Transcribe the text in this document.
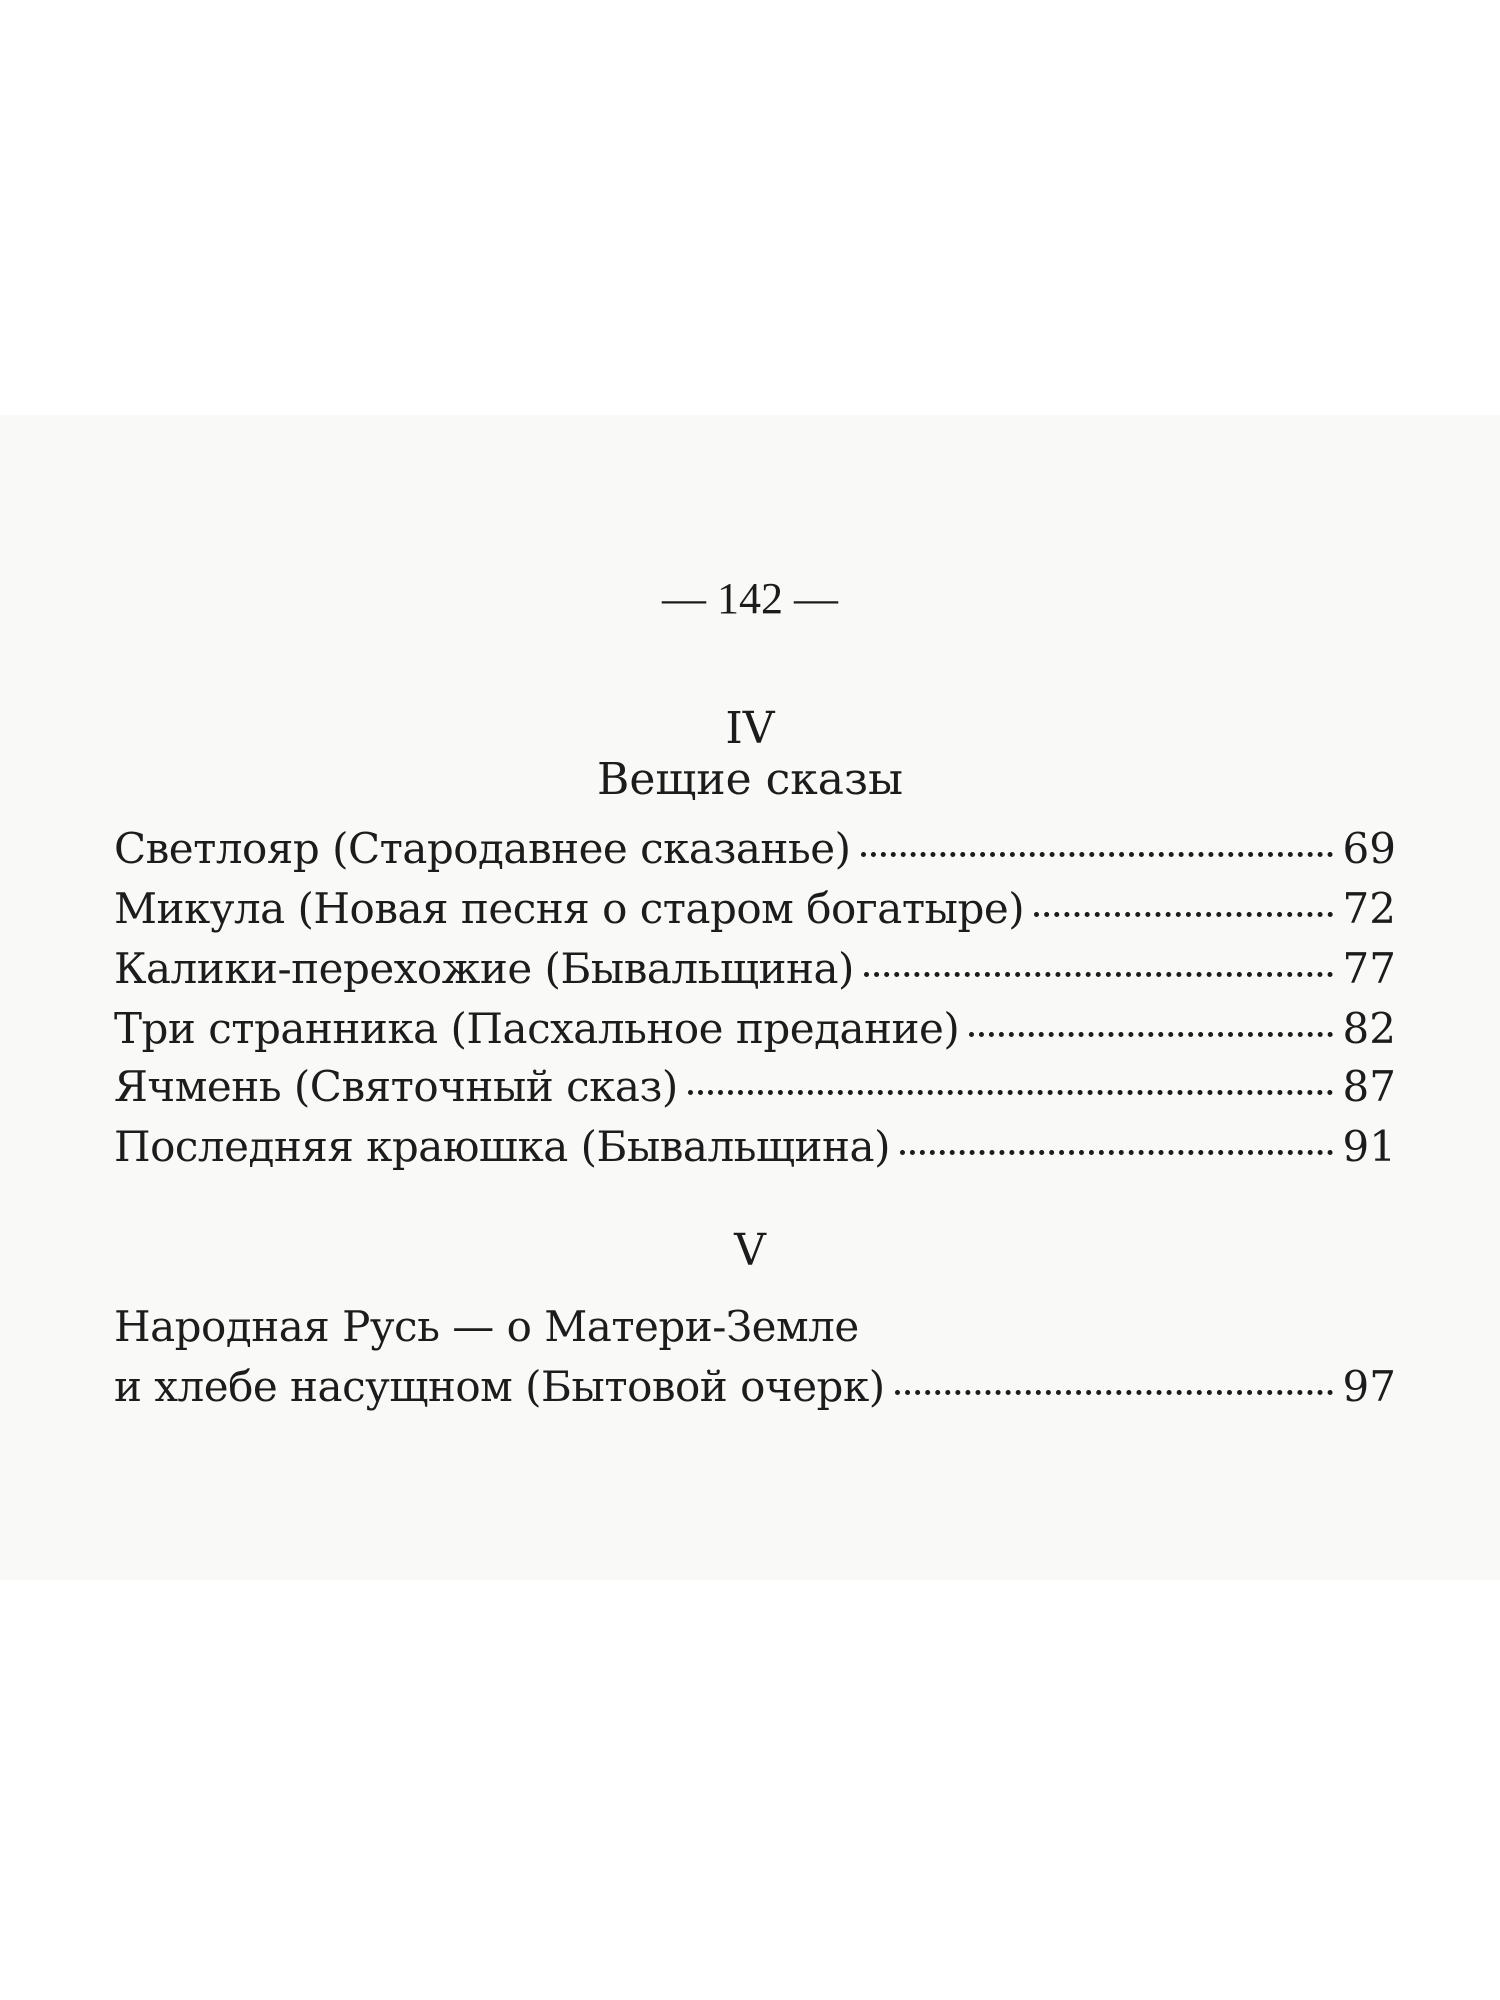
— 142 —
IV
Вещие сказы
Светлояр (Стародавнее сказанье)	69
Микула (Новая песня о старом богатыре)	72
Калики-перехожие (Бывальщина)	77
Три странника (Пасхальное предание)	82
Ячмень (Святочный сказ)	87
Последняя краюшка (Бывальщина)	91
V
Народная Русь — о Матери-Земле
и хлебе насущном (Бытовой очерк)	97
